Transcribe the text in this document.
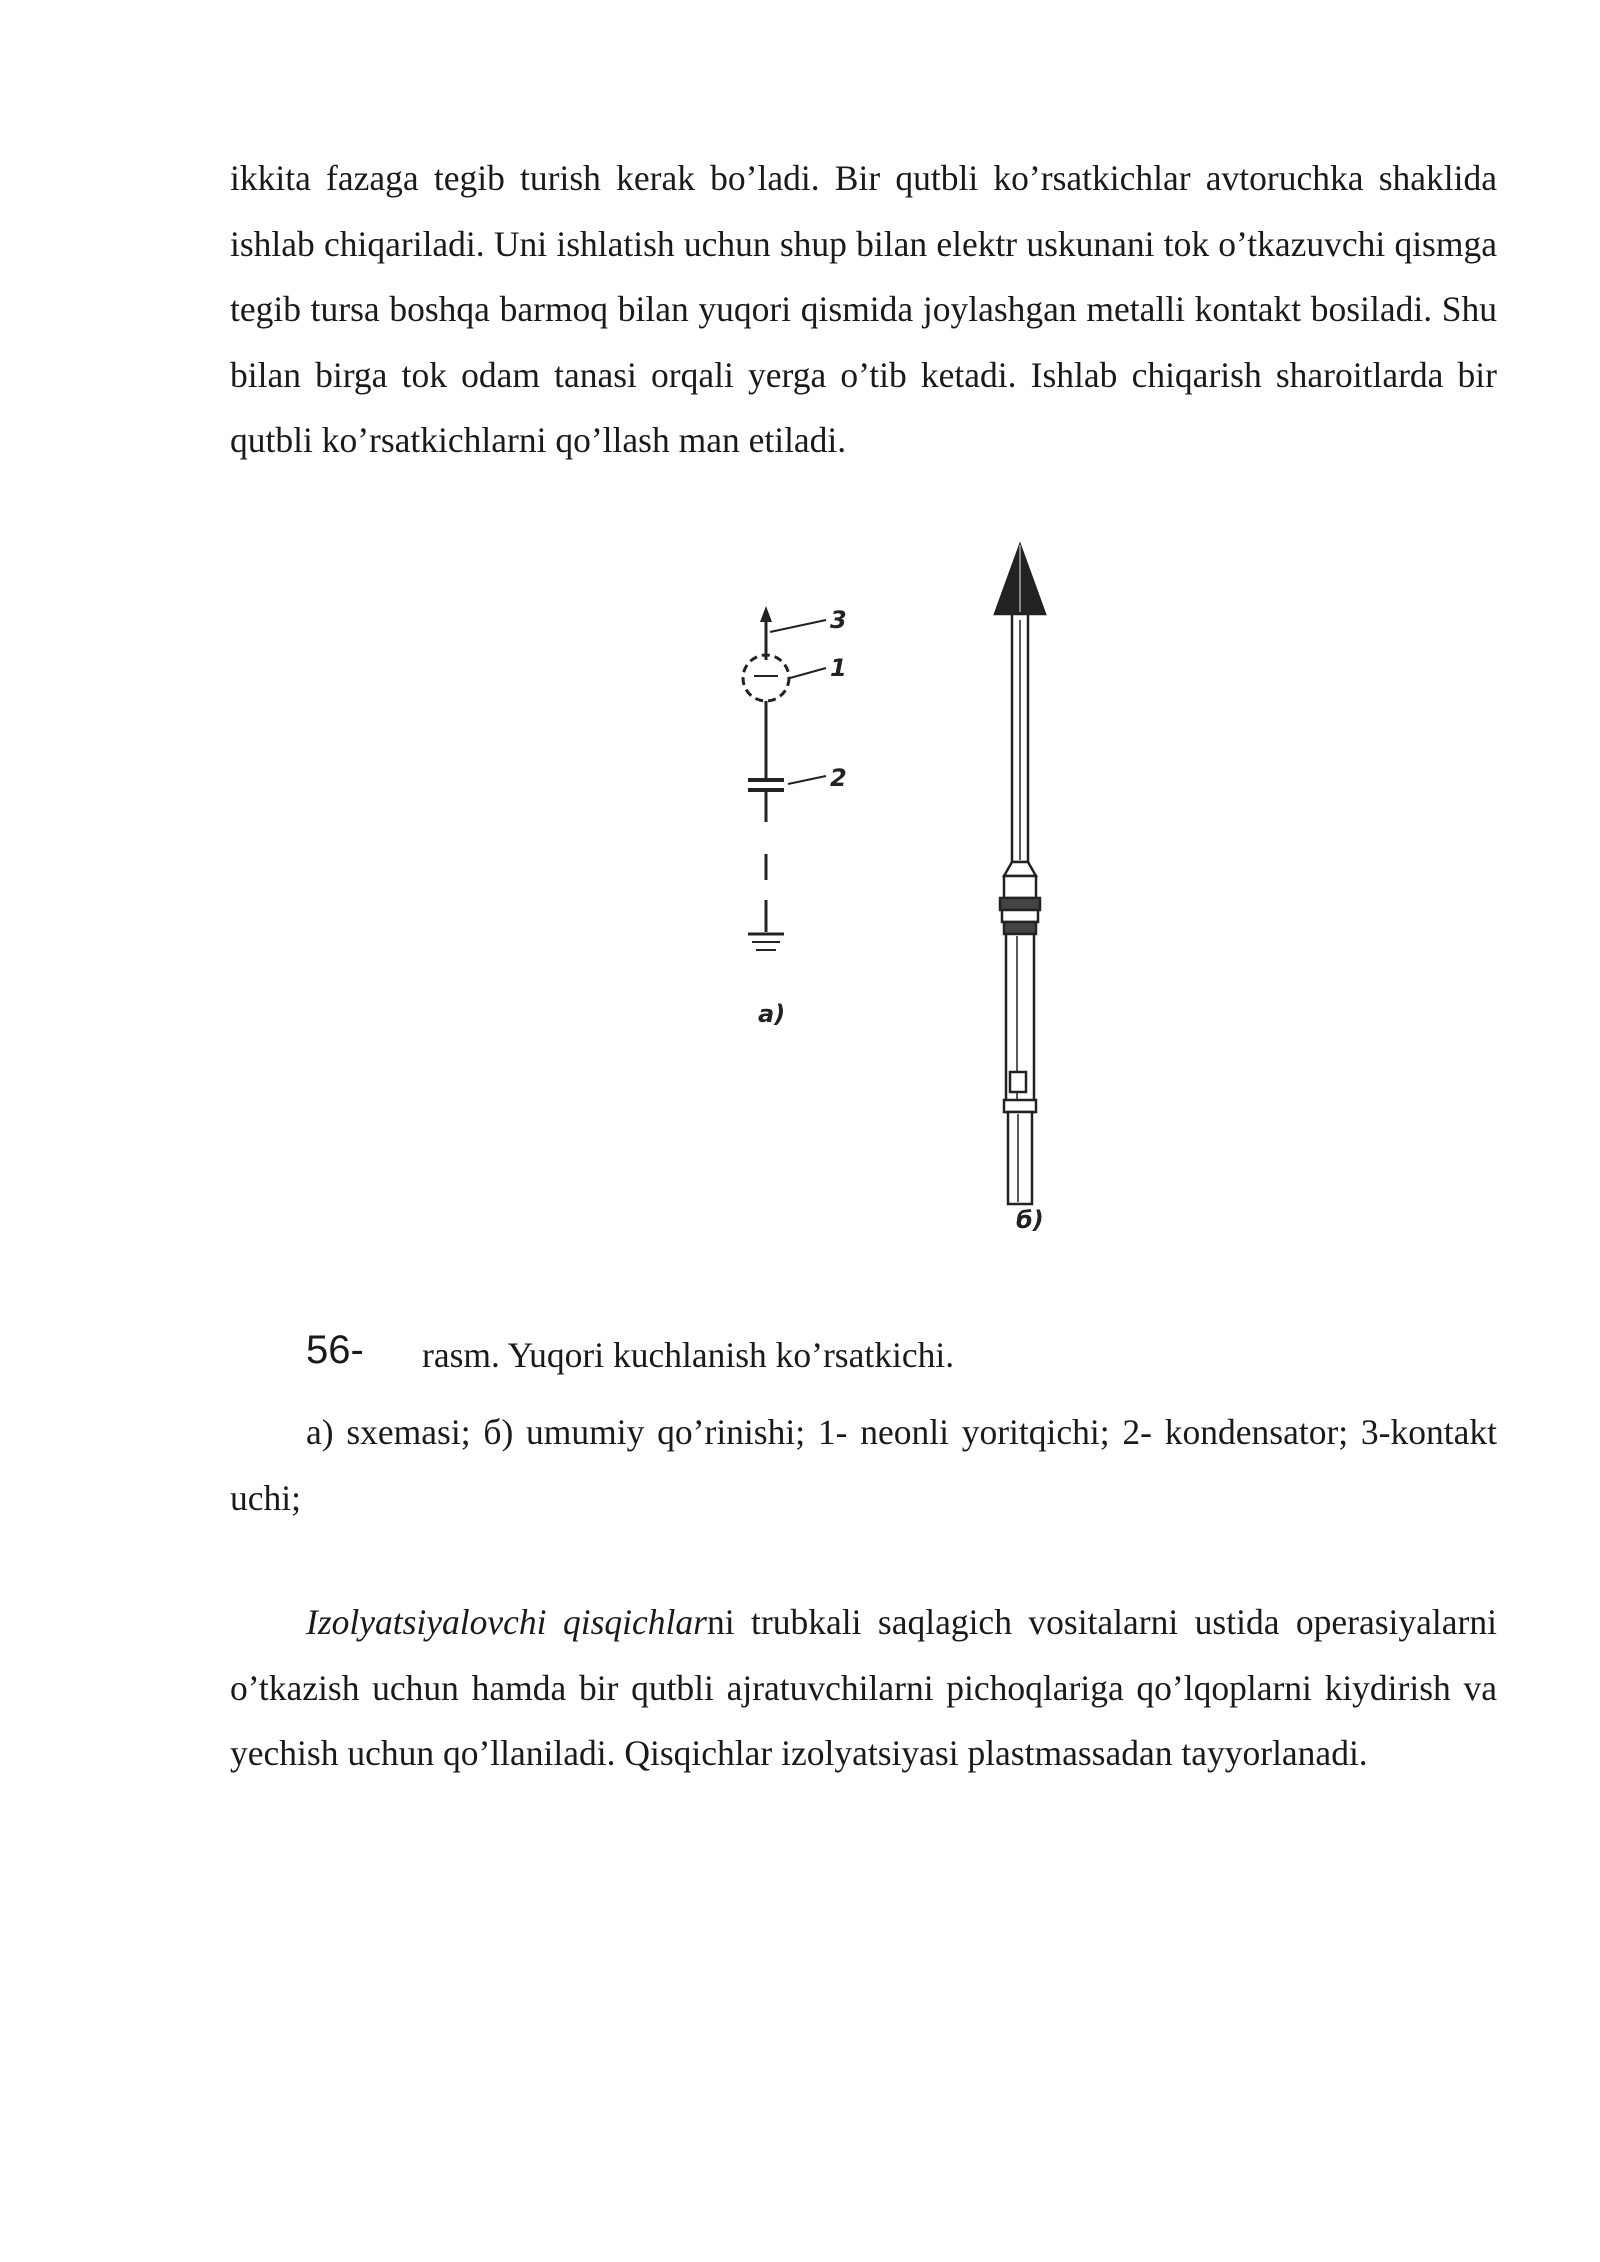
ikkita fazaga tegib turish kerak bo’ladi. Bir qutbli ko’rsatkichlar avtoruchka shaklida ishlab chiqariladi. Uni ishlatish uchun shup bilan elektr uskunani tok o’tkazuvchi qismga tegib tursa boshqa barmoq bilan yuqori qismida joylashgan metalli kontakt bosiladi. Shu bilan birga tok odam tanasi orqali yerga o’tib ketadi. Ishlab chiqarish sharoitlarda bir qutbli ko’rsatkichlarni qo’llash man etiladi.

3
1
2
а)
б)
56- rasm. Yuqori kuchlanish ko’rsatkichi.

а) sxemasi; б) umumiy qo’rinishi; 1- neonli yoritqichi; 2- kondensator; 3-kontakt uchi;

Izolyatsiyalovchi qisqichlarni trubkali saqlagich vositalarni ustida operasiyalarni o’tkazish uchun hamda bir qutbli ajratuvchilarni pichoqlariga qo’lqoplarni kiydirish va yechish uchun qo’llaniladi. Qisqichlar izolyatsiyasi plastmassadan tayyorlanadi.
